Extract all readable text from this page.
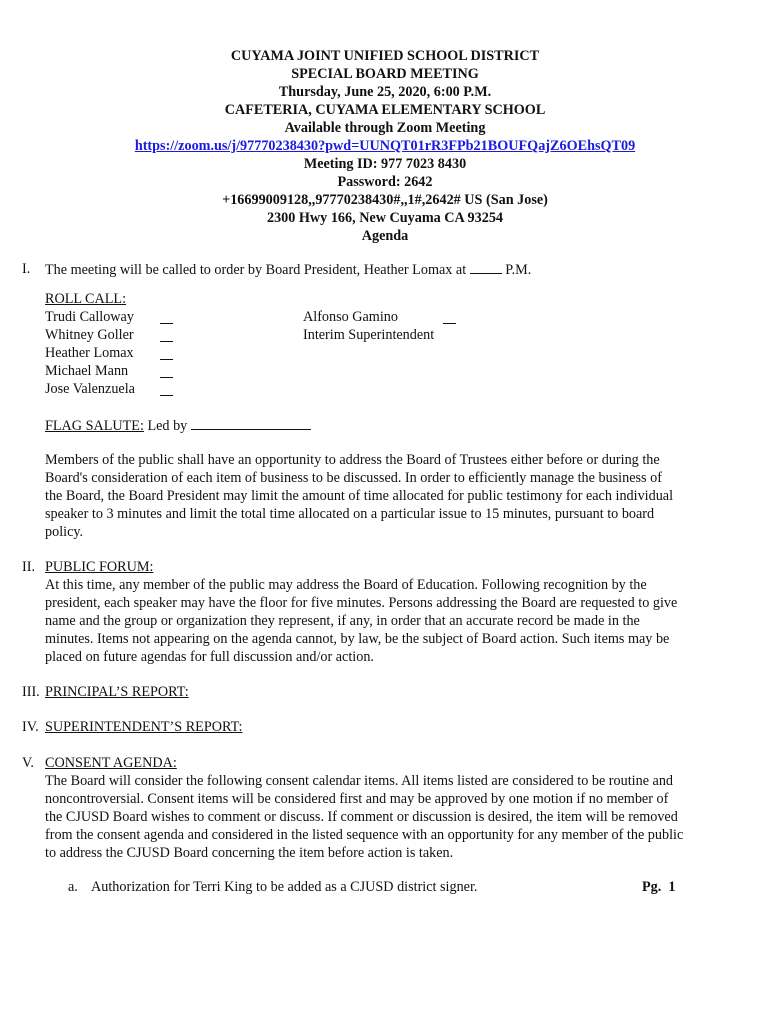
CUYAMA JOINT UNIFIED SCHOOL DISTRICT
SPECIAL BOARD MEETING
Thursday, June 25, 2020, 6:00 P.M.
CAFETERIA, CUYAMA ELEMENTARY SCHOOL
Available through Zoom Meeting
https://zoom.us/j/97770238430?pwd=UUNQT01rR3FPb21BOUFQajZ6OEhsQT09
Meeting ID: 977 7023 8430
Password: 2642
+16699009128,,97770238430#,,1#,2642# US (San Jose)
2300 Hwy 166, New Cuyama CA 93254
Agenda
I. The meeting will be called to order by Board President, Heather Lomax at	P.M.
ROLL CALL:
Trudi Calloway
Whitney Goller
Heather Lomax
Michael Mann
Jose Valenzuela
Alfonso Gamino
Interim Superintendent
FLAG SALUTE: Led by
Members of the public shall have an opportunity to address the Board of Trustees either before or during the
Board's consideration of each item of business to be discussed. In order to efficiently manage the business of
the Board, the Board President may limit the amount of time allocated for public testimony for each individual
speaker to 3 minutes and limit the total time allocated on a particular issue to 15 minutes, pursuant to board
policy.
II. PUBLIC FORUM:
At this time, any member of the public may address the Board of Education. Following recognition by the
president, each speaker may have the floor for five minutes. Persons addressing the Board are requested to give
name and the group or organization they represent, if any, in order that an accurate record be made in the
minutes. Items not appearing on the agenda cannot, by law, be the subject of Board action. Such items may be
placed on future agendas for full discussion and/or action.
III. PRINCIPAL’S REPORT:
IV. SUPERINTENDENT’S REPORT:
V. CONSENT AGENDA:
The Board will consider the following consent calendar items. All items listed are considered to be routine and
noncontroversial. Consent items will be considered first and may be approved by one motion if no member of
the CJUSD Board wishes to comment or discuss. If comment or discussion is desired, the item will be removed
from the consent agenda and considered in the listed sequence with an opportunity for any member of the public
to address the CJUSD Board concerning the item before action is taken.
a. Authorization for Terri King to be added as a CJUSD district signer.	Pg.  1
